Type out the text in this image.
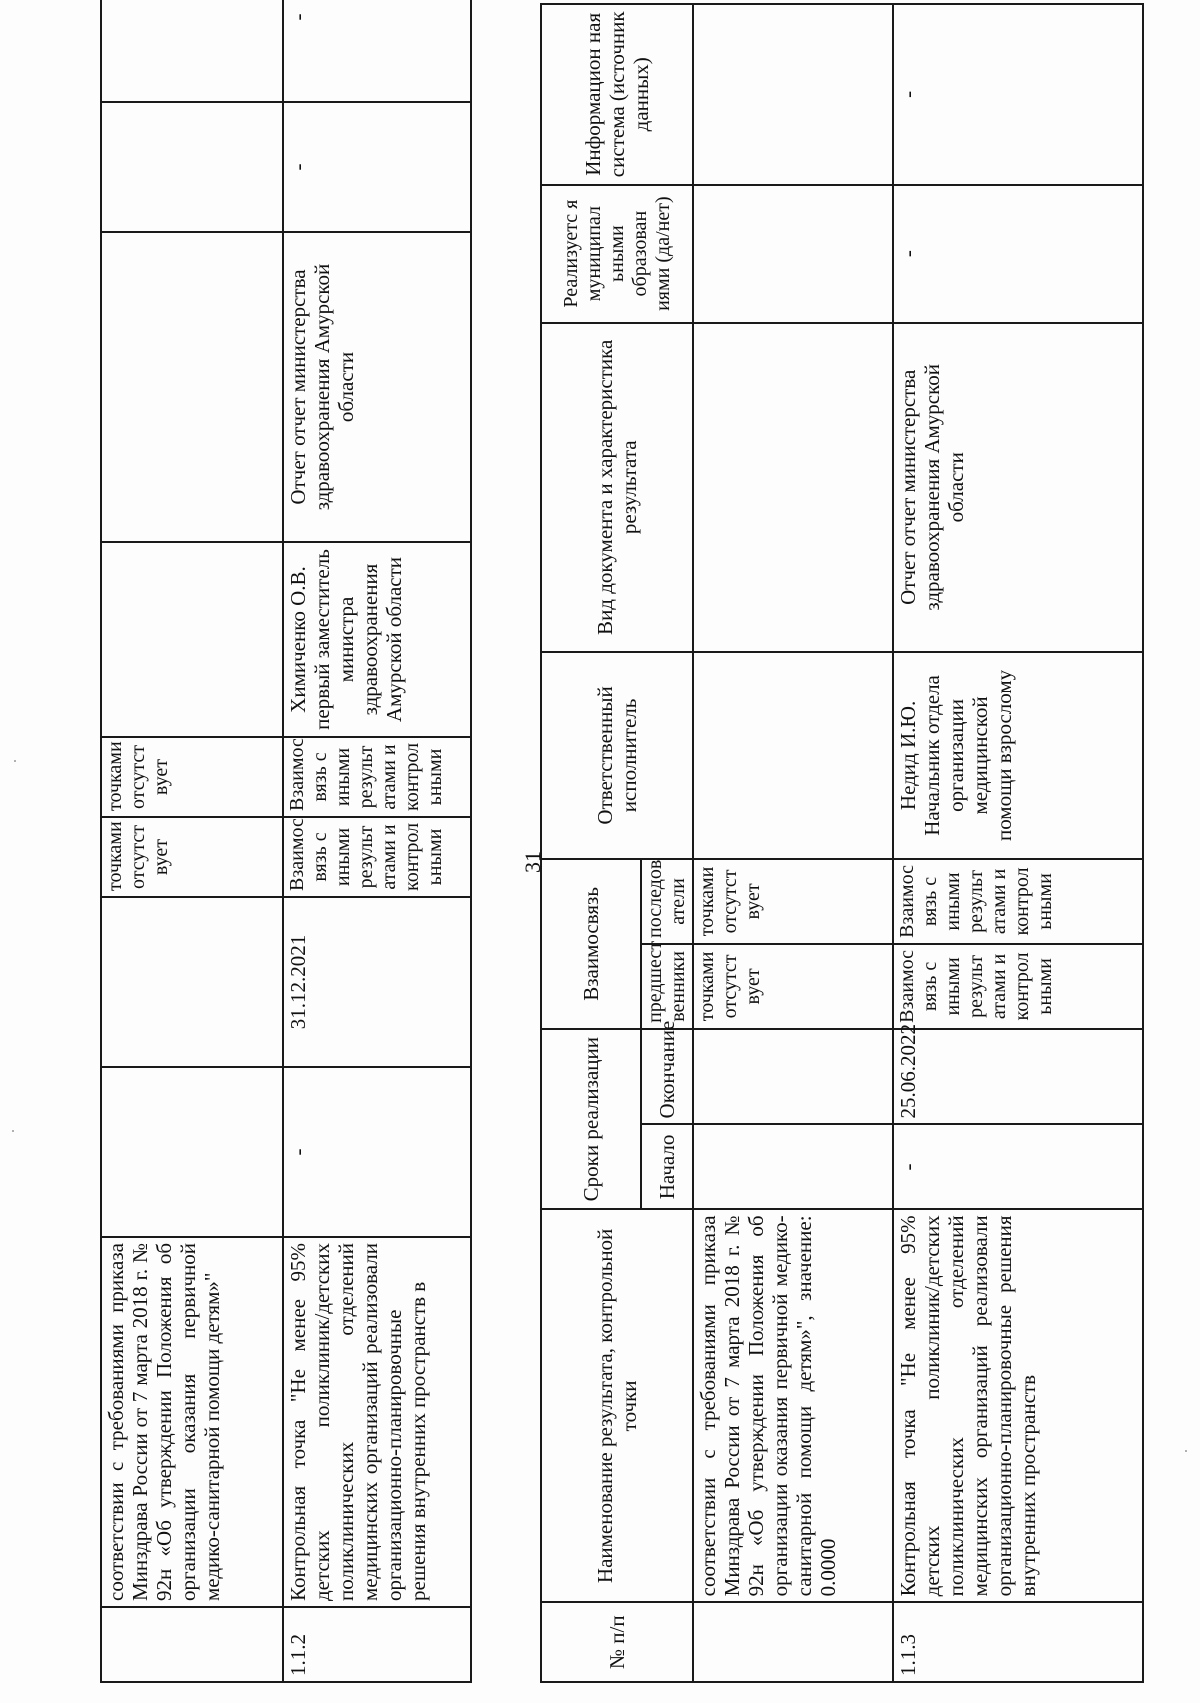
	соответствии с требованиями приказа Минздрава России от 7 марта 2018 г. № 92н «Об утверждении Положения об организации оказания первичной медико-санитарной помощи детям»"			точками отсутст вует	точками отсутст вует				
1.1.2	Контрольная точка "Не менее 95% детских поликлиник/детских поликлинических отделений медицинских организаций реализовали организационно-планировочные решения внутренних пространств в	-	31.12.2021	Взаимос вязь с иными результ атами и контрол ьными	Взаимос вязь с иными результ атами и контрол ьными	Химиченко О.В. первый заместитель министра здравоохранения Амурской области	Отчет отчет министерства здравоохранения Амурской области	-	-
31
№ п/п	Наименование результата, контрольной точки	Сроки реализации		Взаимосвязь		Ответственный исполнитель	Вид документа и характеристика результата	Реализуетс я муниципал ьными образован иями (да/нет)	Информацион ная система (источник данных)
		Начало	Окончание	предшест венники	последов атели				
	соответствии с требованиями приказа Минздрава России от 7 марта 2018 г. № 92н «Об утверждении Положения об организации оказания первичной медико-санитарной помощи детям»", значение: 0.0000			точками отсутст вует	точками отсутст вует				
1.1.3	Контрольная точка "Не менее 95% детских поликлиник/детских поликлинических отделений медицинских организаций реализовали организационно-планировочные решения внутренних пространств	-	25.06.2022	Взаимос вязь с иными результ атами и контрол ьными	Взаимос вязь с иными результ атами и контрол ьными	Недид И.Ю. Начальник отдела организации медицинской помощи взрослому	Отчет отчет министерства здравоохранения Амурской области	-	-
